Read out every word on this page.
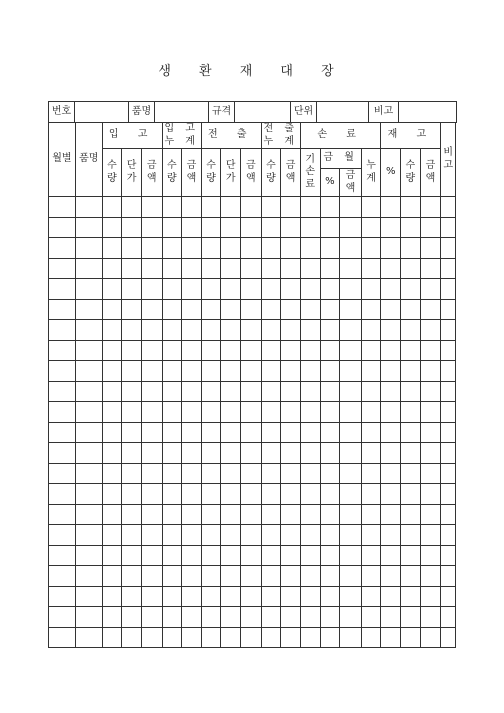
생 환 재 대 장
번호		품명		규격		단위		비고	
월별	품명	입 고			입 고 누 계		전 출			전 출 누 계		손 료				재 고			비고

		수 량	단 가	금 액	수 량	금 액	수 량	단 가	금 액	수 량	금 액	기 손 료	금 월		누 계	%	수 량	금 액	
													%	금 액					
